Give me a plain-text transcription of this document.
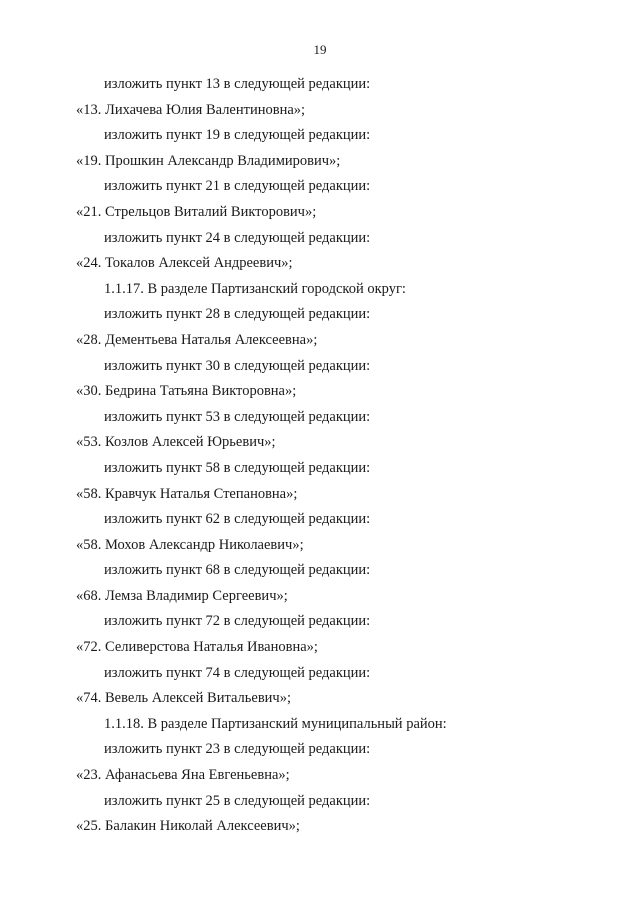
19
изложить пункт 13 в следующей редакции:
«13. Лихачева Юлия Валентиновна»;
изложить пункт 19 в следующей редакции:
«19. Прошкин Александр Владимирович»;
изложить пункт 21 в следующей редакции:
«21. Стрельцов Виталий Викторович»;
изложить пункт 24 в следующей редакции:
«24. Токалов Алексей Андреевич»;
1.1.17. В разделе Партизанский городской округ:
изложить пункт 28 в следующей редакции:
«28. Дементьева Наталья Алексеевна»;
изложить пункт 30 в следующей редакции:
«30. Бедрина Татьяна Викторовна»;
изложить пункт 53 в следующей редакции:
«53. Козлов Алексей Юрьевич»;
изложить пункт 58 в следующей редакции:
«58. Кравчук Наталья Степановна»;
изложить пункт 62 в следующей редакции:
«58. Мохов Александр Николаевич»;
изложить пункт 68 в следующей редакции:
«68. Лемза Владимир Сергеевич»;
изложить пункт 72 в следующей редакции:
«72. Селиверстова Наталья Ивановна»;
изложить пункт 74 в следующей редакции:
«74. Вевель Алексей Витальевич»;
1.1.18. В разделе Партизанский муниципальный район:
изложить пункт 23 в следующей редакции:
«23. Афанасьева Яна Евгеньевна»;
изложить пункт 25 в следующей редакции:
«25. Балакин Николай Алексеевич»;
